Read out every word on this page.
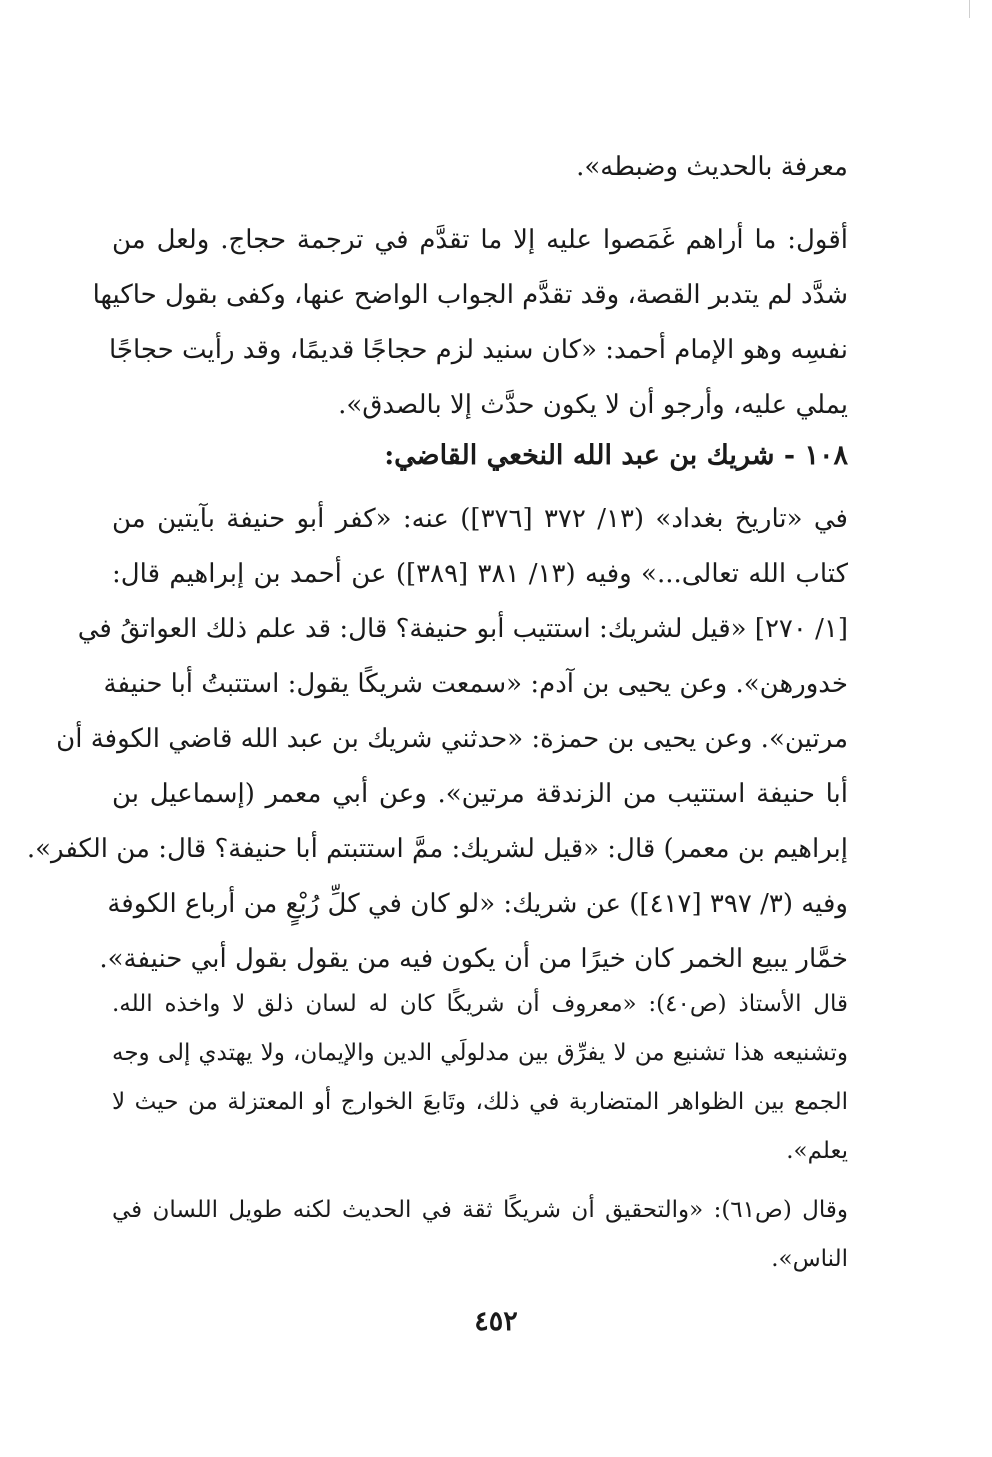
معرفة بالحديث وضبطه».
أقول: ما أراهم غَمَصوا عليه إلا ما تقدَّم في ترجمة حجاج. ولعل من
شدَّد لم يتدبر القصة، وقد تقدَّم الجواب الواضح عنها، وكفى بقول حاكيها
نفسِه وهو الإمام أحمد: «كان سنيد لزم حجاجًا قديمًا، وقد رأيت حجاجًا
يملي عليه، وأرجو أن لا يكون حدَّث إلا بالصدق».
١٠٨ - شريك بن عبد الله النخعي القاضي:
في «تاريخ بغداد» (١٣/ ٣٧٢ [٣٧٦]) عنه: «كفر أبو حنيفة بآيتين من
كتاب الله تعالى...» وفيه (١٣/ ٣٨١ [٣٨٩]) عن أحمد بن إبراهيم قال:
[١/ ٢٧٠] «قيل لشريك: استتيب أبو حنيفة؟ قال: قد علم ذلك العواتقُ في
خدورهن». وعن يحيى بن آدم: «سمعت شريكًا يقول: استتبتُ أبا حنيفة
مرتين». وعن يحيى بن حمزة: «حدثني شريك بن عبد الله قاضي الكوفة أن
أبا حنيفة استتيب من الزندقة مرتين». وعن أبي معمر (إسماعيل بن
إبراهيم بن معمر) قال: «قيل لشريك: ممَّ استتبتم أبا حنيفة؟ قال: من الكفر».
وفيه (٣/ ٣٩٧ [٤١٧]) عن شريك: «لو كان في كلِّ رُبْعٍ من أرباع الكوفة
خمَّار يبيع الخمر كان خيرًا من أن يكون فيه من يقول بقول أبي حنيفة».
قال الأستاذ (ص٤٠): «معروف أن شريكًا كان له لسان ذلق لا واخذه الله.
وتشنيعه هذا تشنيع من لا يفرِّق بين مدلولَي الدين والإيمان، ولا يهتدي إلى وجه
الجمع بين الظواهر المتضاربة في ذلك، وتَابعَ الخوارج أو المعتزلة من حيث لا
يعلم».
وقال (ص٦١): «والتحقيق أن شريكًا ثقة في الحديث لكنه طويل اللسان في
الناس».
٤٥٢
